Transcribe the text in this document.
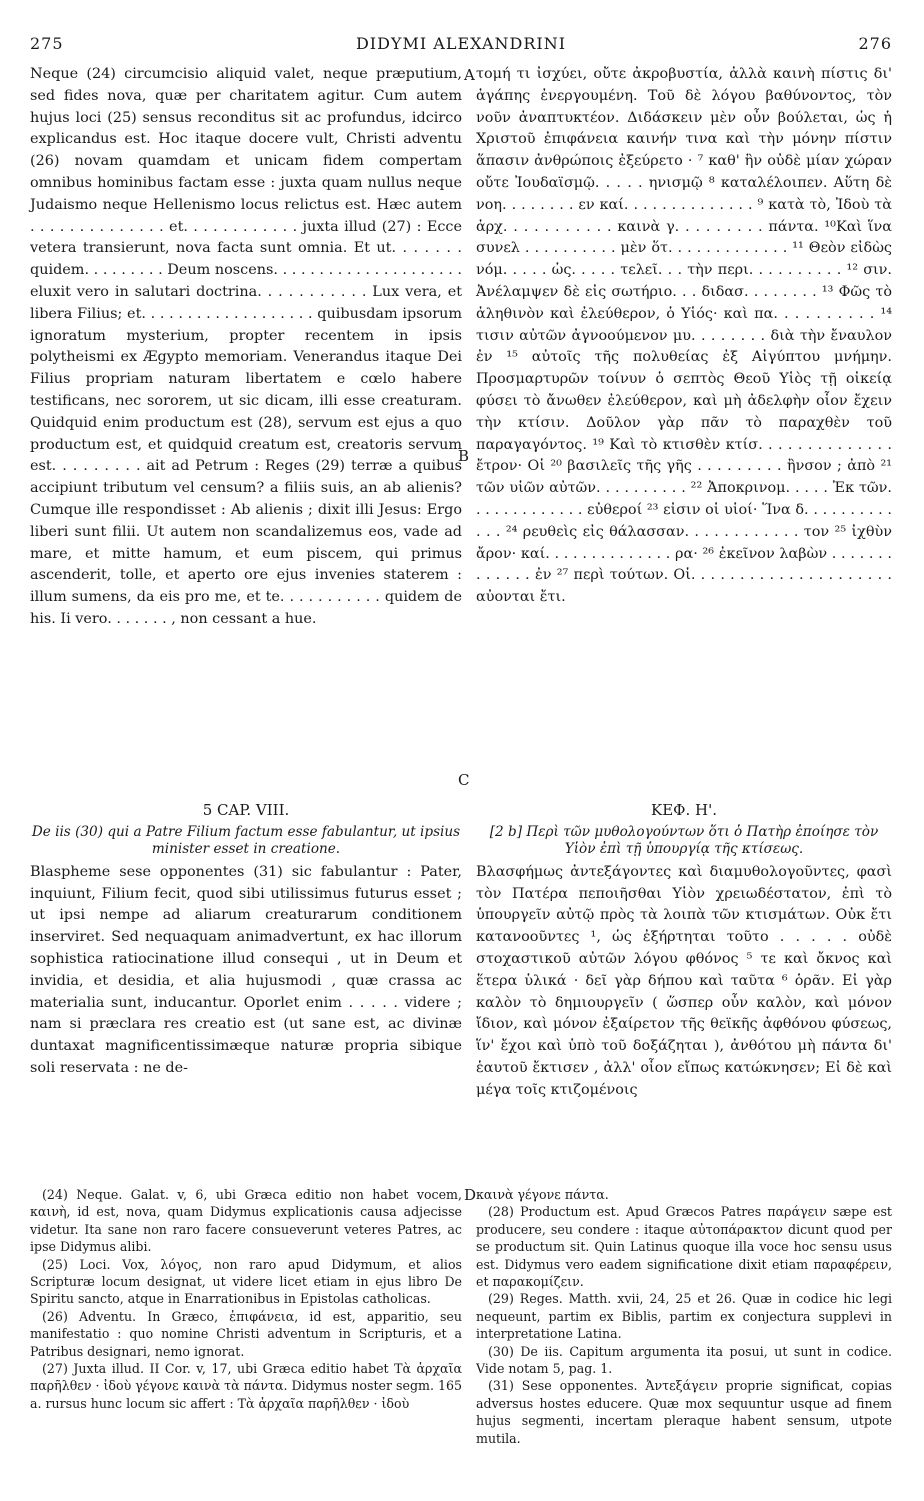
275	DIDYMI ALEXANDRINI	276
A
B
C
D

Neque (24) circumcisio aliquid valet, neque præputium, sed fides nova, quæ per charitatem agitur. Cum autem hujus loci (25) sensus reconditus sit ac profundus, idcirco explicandus est. Hoc itaque docere vult, Christi adventu (26) novam quamdam et unicam fidem compertam omnibus hominibus factam esse : juxta quam nullus neque Judaismo neque Hellenismo locus relictus est. Hæc autem . . . . . . . . . . . . . . et. . . . . . . . . . . . juxta illud (27) : Ecce vetera transierunt, nova facta sunt omnia. Et ut. . . . . . . quidem. . . . . . . . . Deum noscens. . . . . . . . . . . . . . . . . . . . . eluxit vero in salutari doctrina. . . . . . . . . . . Lux vera, et libera Filius; et. . . . . . . . . . . . . . . . . . . quibusdam ipsorum ignoratum mysterium, propter recentem in ipsis polytheismi ex Ægypto memoriam. Venerandus itaque Dei Filius propriam naturam libertatem e cœlo habere testificans, nec sororem, ut sic dicam, illi esse creaturam. Quidquid enim productum est (28), servum est ejus a quo productum est, et quidquid creatum est, creatoris servum est. . . . . . . . . ait ad Petrum : Reges (29) terræ a quibus accipiunt tributum vel censum? a filiis suis, an ab alienis? Cumque ille respondisset : Ab alienis ; dixit illi Jesus: Ergo liberi sunt filii. Ut autem non scandalizemus eos, vade ad mare, et mitte hamum, et eum piscem, qui primus ascenderit, tolle, et aperto ore ejus invenies staterem : illum sumens, da eis pro me, et te. . . . . . . . . . . quidem de his. Ii vero. . . . . . . , non cessant a hue.

τομή τι ἰσχύει, οὔτε ἀκροβυστία, ἀλλὰ καινὴ πίστις δι' ἀγάπης ἐνεργουμένη. Τοῦ δὲ λόγου βαθύνοντος, τὸν νοῦν ἀναπτυκτέον. Διδάσκειν μὲν οὖν βούλεται, ὡς ἡ Χριστοῦ ἐπιφάνεια καινήν τινα καὶ τὴν μόνην πίστιν ἅπασιν ἀνθρώποις ἐξεύρετο · ⁷ καθ' ἣν οὐδὲ μίαν χώραν οὔτε Ἰουδαϊσμῷ. . . . . ηνισμῷ ⁸ καταλέλοιπεν. Αὕτη δὲ νοη. . . . . . . . εν καί. . . . . . . . . . . . . . ⁹ κατὰ τὸ, Ἰδοὺ τὰ ἀρχ. . . . . . . . . . . καινὰ γ. . . . . . . . . πάντα. ¹⁰Καὶ ἵνα συνελ . . . . . . . . . . μὲν ὅτ. . . . . . . . . . . . . ¹¹ Θεὸν εἰδὼς νόμ. . . . . ὡς. . . . . τελεῖ. . . τὴν περι. . . . . . . . . . ¹² σιν. Ἀνέλαμψεν δὲ εἰς σωτήριο. . . διδασ. . . . . . . . ¹³ Φῶς τὸ ἀληθινὸν καὶ ἐλεύθερον, ὁ Υἱός· καὶ πα. . . . . . . . . . ¹⁴ τισιν αὐτῶν ἀγνοούμενον μυ. . . . . . . . διὰ τὴν ἔναυλον ἐν ¹⁵ αὐτοῖς τῆς πολυθείας ἐξ Αἰγύπτου μνήμην. Προσμαρτυρῶν τοίνυν ὁ σεπτὸς Θεοῦ Υἱὸς τῇ οἰκείᾳ φύσει τὸ ἄνωθεν ἐλεύθερον, καὶ μὴ ἀδελφὴν οἷον ἔχειν τὴν κτίσιν. Δοῦλον γὰρ πᾶν τὸ παραχθὲν τοῦ παραγαγόντος. ¹⁹ Καὶ τὸ κτισθὲν κτίσ. . . . . . . . . . . . . . ἔτρον· Οἱ ²⁰ βασιλεῖς τῆς γῆς . . . . . . . . . ἢνσον ; ἀπὸ ²¹ τῶν υἱῶν αὐτῶν. . . . . . . . . . ²² Ἀποκρινομ. . . . . Ἐκ τῶν. . . . . . . . . . . . . εὐθεροί ²³ εἰσιν οἱ υἱοί· Ἵνα δ. . . . . . . . . . . . . ²⁴ ρευθεὶς εἰς θάλασσαν. . . . . . . . . . . . τον ²⁵ ἰχθὺν ἄρον· καί. . . . . . . . . . . . . . ρα· ²⁶ ἐκεῖνον λαβὼν . . . . . . . . . . . . . ἐν ²⁷ περὶ τούτων. Οἱ. . . . . . . . . . . . . . . . . . . . . αὐονται ἔτι.

5 CAP. VIII.
De iis (30) qui a Patre Filium factum esse fabulantur, ut ipsius minister esset in creatione.

Blaspheme sese opponentes (31) sic fabulantur : Pater, inquiunt, Filium fecit, quod sibi utilissimus futurus esset ; ut ipsi nempe ad aliarum creaturarum conditionem inserviret. Sed nequaquam animadvertunt, ex hac illorum sophistica ratiocinatione illud consequi , ut in Deum et invidia, et desidia, et alia hujusmodi , quæ crassa ac materialia sunt, inducantur. Oporlet enim . . . . . videre ; nam si præclara res creatio est (ut sane est, ac divinæ duntaxat magnificentissimæque naturæ propria sibique soli reservata : ne de-

ΚΕΦ. Η'.
[2 b] Περὶ τῶν μυθολογούντων ὅτι ὁ Πατὴρ ἐποίησε τὸν Υἱὸν ἐπὶ τῇ ὑπουργίᾳ τῆς κτίσεως.

Βλασφήμως ἀντεξάγοντες καὶ διαμυθολογοῦντες, φασὶ τὸν Πατέρα πεποιῆσθαι Υἱὸν χρειωδέστατον, ἐπὶ τὸ ὑπουργεῖν αὐτῷ πρὸς τὰ λοιπὰ τῶν κτισμάτων. Οὐκ ἔτι κατανοοῦντες ¹, ὡς ἐξήρτηται τοῦτο . . . . . οὐδὲ στοχαστικοῦ αὐτῶν λόγου φθόνος ⁵ τε καὶ ὄκνος καὶ ἕτερα ὑλικά · δεῖ γὰρ δήπου καὶ ταῦτα ⁶ ὁρᾶν. Εἰ γὰρ καλὸν τὸ δημιουργεῖν ( ὥσπερ οὖν καλὸν, καὶ μόνον ἴδιον, καὶ μόνον ἐξαίρετον τῆς θεϊκῆς ἀφθόνου φύσεως, ἵν' ἔχοι καὶ ὑπὸ τοῦ δοξάζηται ), ἀνθότου μὴ πάντα δι' ἑαυτοῦ ἔκτισεν , ἀλλ' οἷον εἴπως κατώκνησεν; Εἰ δὲ καὶ μέγα τοῖς κτιζομένοις

(24) Neque. Galat. v, 6, ubi Græca editio non habet vocem, καινὴ, id est, nova, quam Didymus explicationis causa adjecisse videtur. Ita sane non raro facere consueverunt veteres Patres, ac ipse Didymus alibi.

(25) Loci. Vox, λόγος, non raro apud Didymum, et alios Scripturæ locum designat, ut videre licet etiam in ejus libro De Spiritu sancto, atque in Enarrationibus in Epistolas catholicas.

(26) Adventu. In Græco, ἐπιφάνεια, id est, apparitio, seu manifestatio : quo nomine Christi adventum in Scripturis, et a Patribus designari, nemo ignorat.

(27) Juxta illud. II Cor. v, 17, ubi Græca editio habet Τὰ ἀρχαῖα παρῆλθεν · ἰδοὺ γέγονε καινὰ τὰ πάντα. Didymus noster segm. 165 a. rursus hunc locum sic affert : Τὰ ἀρχαῖα παρῆλθεν · ἰδοὺ

καινὰ γέγονε πάντα.

(28) Productum est. Apud Græcos Patres παράγειν sæpe est producere, seu condere : itaque αὐτοπάρακτον dicunt quod per se productum sit. Quin Latinus quoque illa voce hoc sensu usus est. Didymus vero eadem significatione dixit etiam παραφέρειν, et παρακομίζειν.

(29) Reges. Matth. xvii, 24, 25 et 26. Quæ in codice hic legi nequeunt, partim ex Biblis, partim ex conjectura supplevi in interpretatione Latina.

(30) De iis. Capitum argumenta ita posui, ut sunt in codice. Vide notam 5, pag. 1.

(31) Sese opponentes. Ἀντεξάγειν proprie significat, copias adversus hostes educere. Quæ mox sequuntur usque ad finem hujus segmenti, incertam pleraque habent sensum, utpote mutila.
